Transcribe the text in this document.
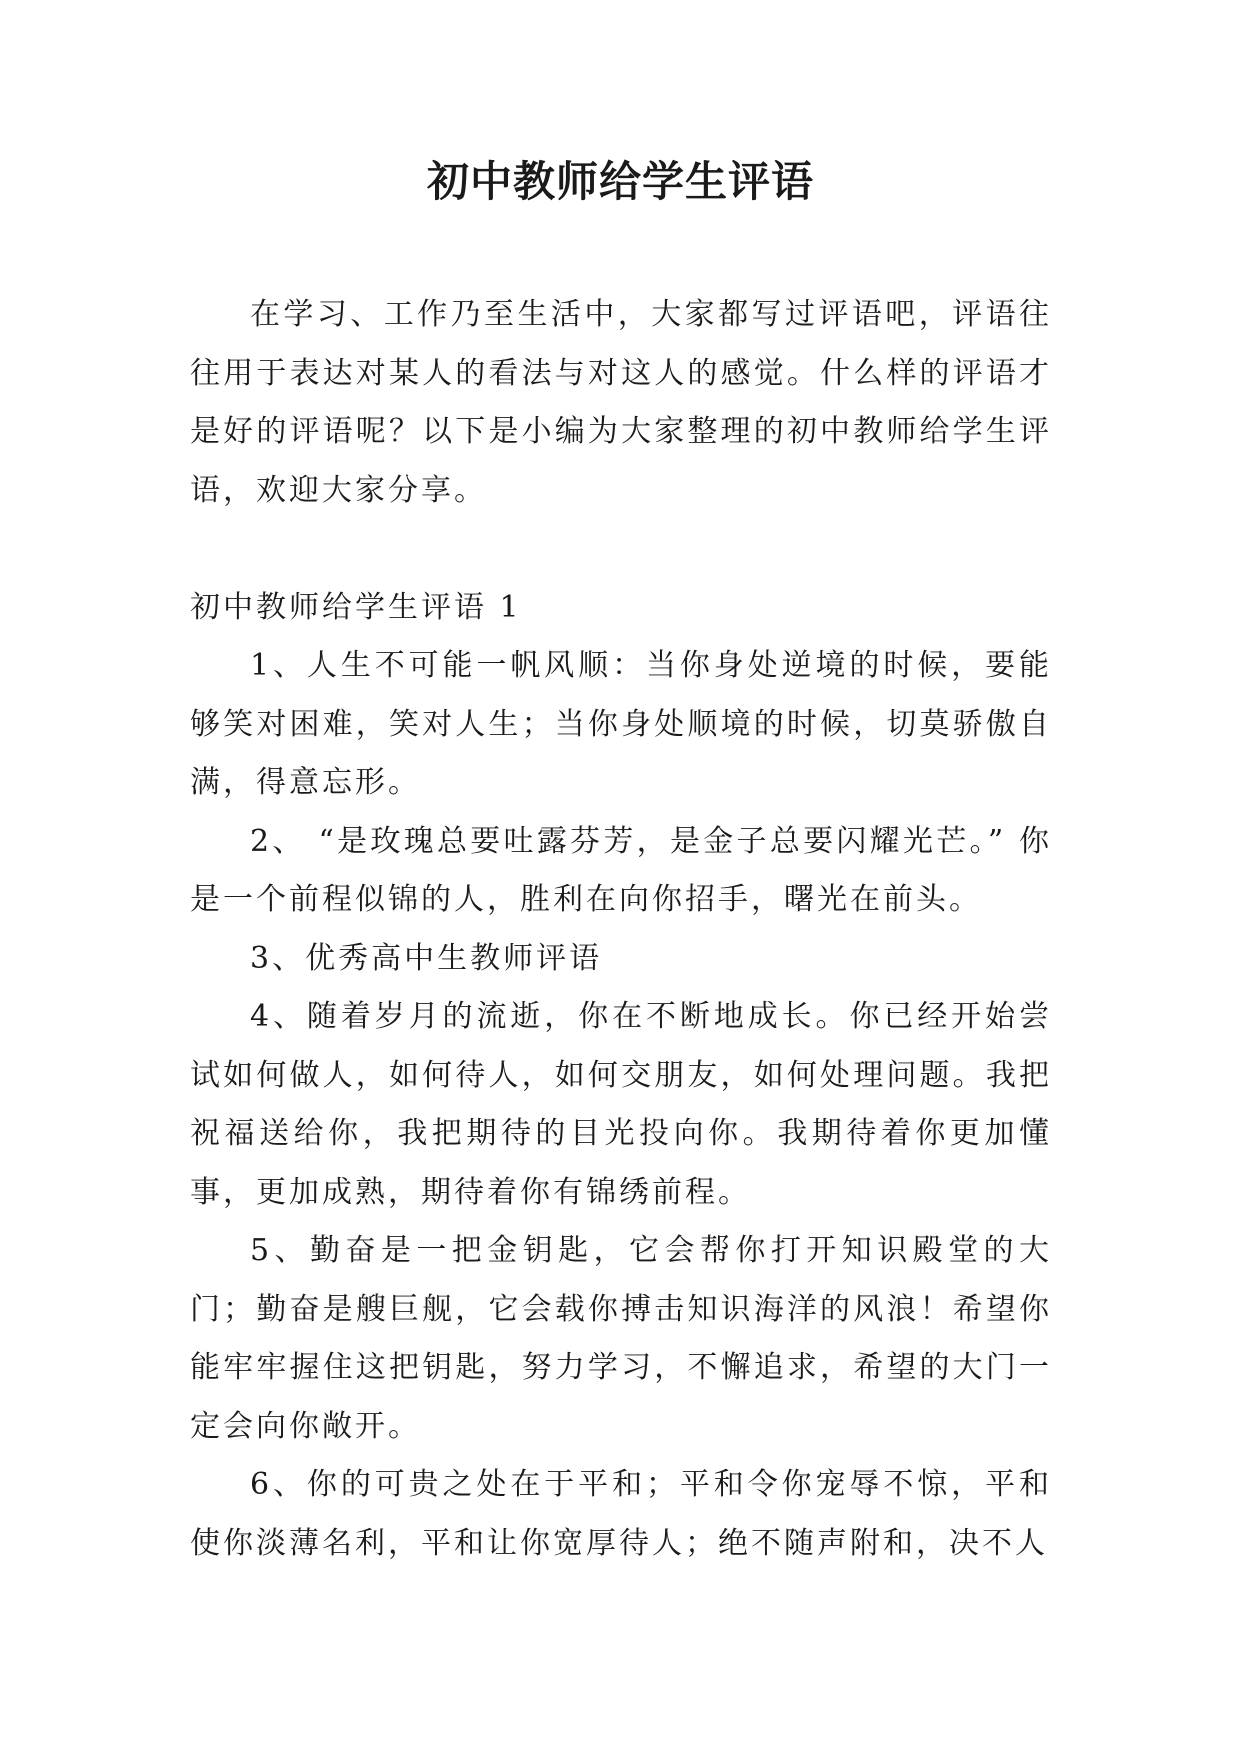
初中教师给学生评语

在学习、工作乃至生活中，大家都写过评语吧，评语往往用于表达对某人的看法与对这人的感觉。什么样的评语才是好的评语呢？以下是小编为大家整理的初中教师给学生评语，欢迎大家分享。

初中教师给学生评语 1

1、人生不可能一帆风顺：当你身处逆境的时候，要能够笑对困难，笑对人生；当你身处顺境的时候，切莫骄傲自满，得意忘形。

2、 “是玫瑰总要吐露芬芳，是金子总要闪耀光芒。” 你是一个前程似锦的人，胜利在向你招手，曙光在前头。

3、优秀高中生教师评语

4、随着岁月的流逝，你在不断地成长。你已经开始尝试如何做人，如何待人，如何交朋友，如何处理问题。我把祝福送给你，我把期待的目光投向你。我期待着你更加懂事，更加成熟，期待着你有锦绣前程。

5、勤奋是一把金钥匙，它会帮你打开知识殿堂的大门；勤奋是艘巨舰，它会载你搏击知识海洋的风浪！希望你能牢牢握住这把钥匙，努力学习，不懈追求，希望的大门一定会向你敞开。

6、你的可贵之处在于平和；平和令你宠辱不惊，平和使你淡薄名利，平和让你宽厚待人；绝不随声附和，决不人
